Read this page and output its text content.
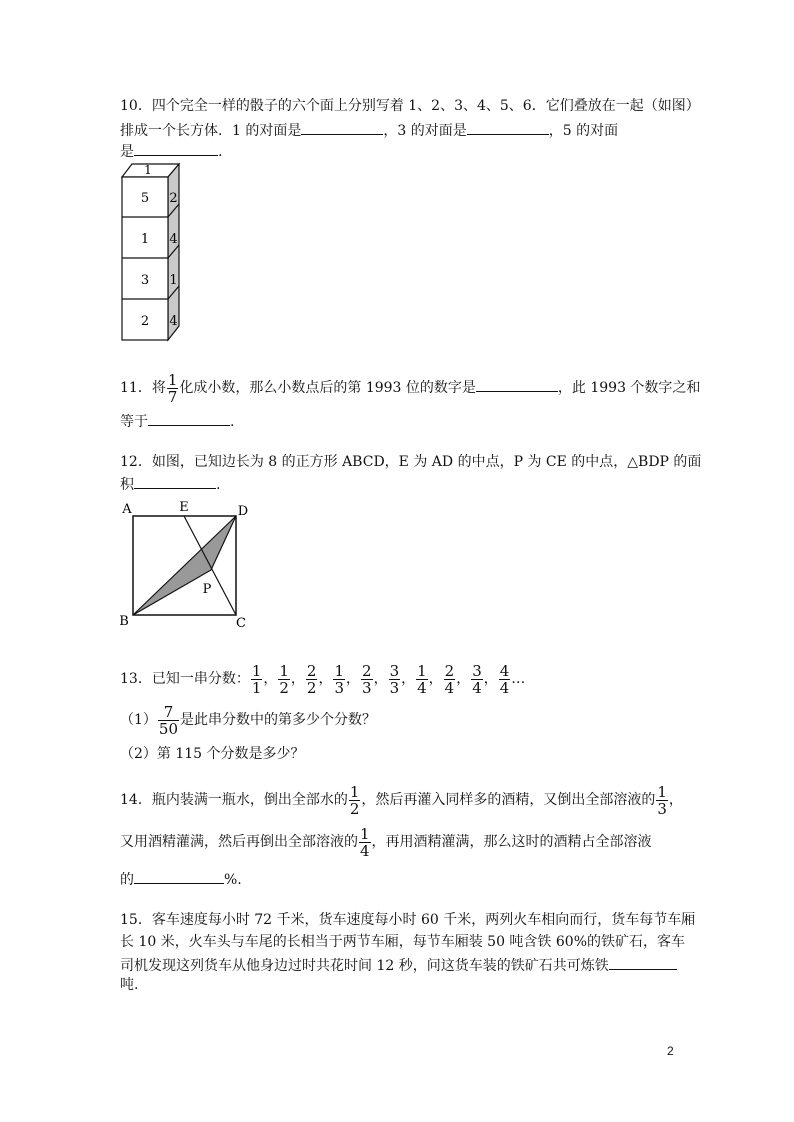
10．四个完全一样的骰子的六个面上分别写着 1、2、3、4、5、6．它们叠放在一起（如图）
排成一个长方体．1 的对面是	，3 的对面是	，5 的对面
是	.
1
5
1
3
2
2
4
1
4
11．将 $\frac{1}{7}$ 化成小数，那么小数点后的第 1993 位的数字是	，此 1993 个数字之和
等于	.
12．如图，已知边长为 8 的正方形 ABCD，E 为 AD 的中点，P 为 CE 的中点，△BDP 的面
积	.
A	E	D
P
B	C
13．已知一串分数： $\frac{1}{1}$ ， $\frac{1}{2}$ ， $\frac{2}{2}$ ， $\frac{1}{3}$ ， $\frac{2}{3}$ ， $\frac{3}{3}$ ， $\frac{1}{4}$ ， $\frac{2}{4}$ ， $\frac{3}{4}$ ， $\frac{4}{4}$ …
$(1) \frac{7}{50}$ 是此串分数中的第多少个分数？
（2）第 115 个分数是多少？
14．瓶内装满一瓶水，倒出全部水的 $\frac{1}{2}$ ，然后再灌入同样多的酒精，又倒出全部溶液的 $\frac{1}{3}$ ，
又用酒精灌满，然后再倒出全部溶液的 $\frac{1}{4}$ ，再用酒精灌满，那么这时的酒精占全部溶液
的	%.
15．客车速度每小时 72 千米，货车速度每小时 60 千米，两列火车相向而行，货车每节车厢
长 10 米，火车头与车尾的长相当于两节车厢，每节车厢装 50 吨含铁 60%的铁矿石，客车
司机发现这列货车从他身边过时共花时间 12 秒，问这货车装的铁矿石共可炼铁
吨.
2
